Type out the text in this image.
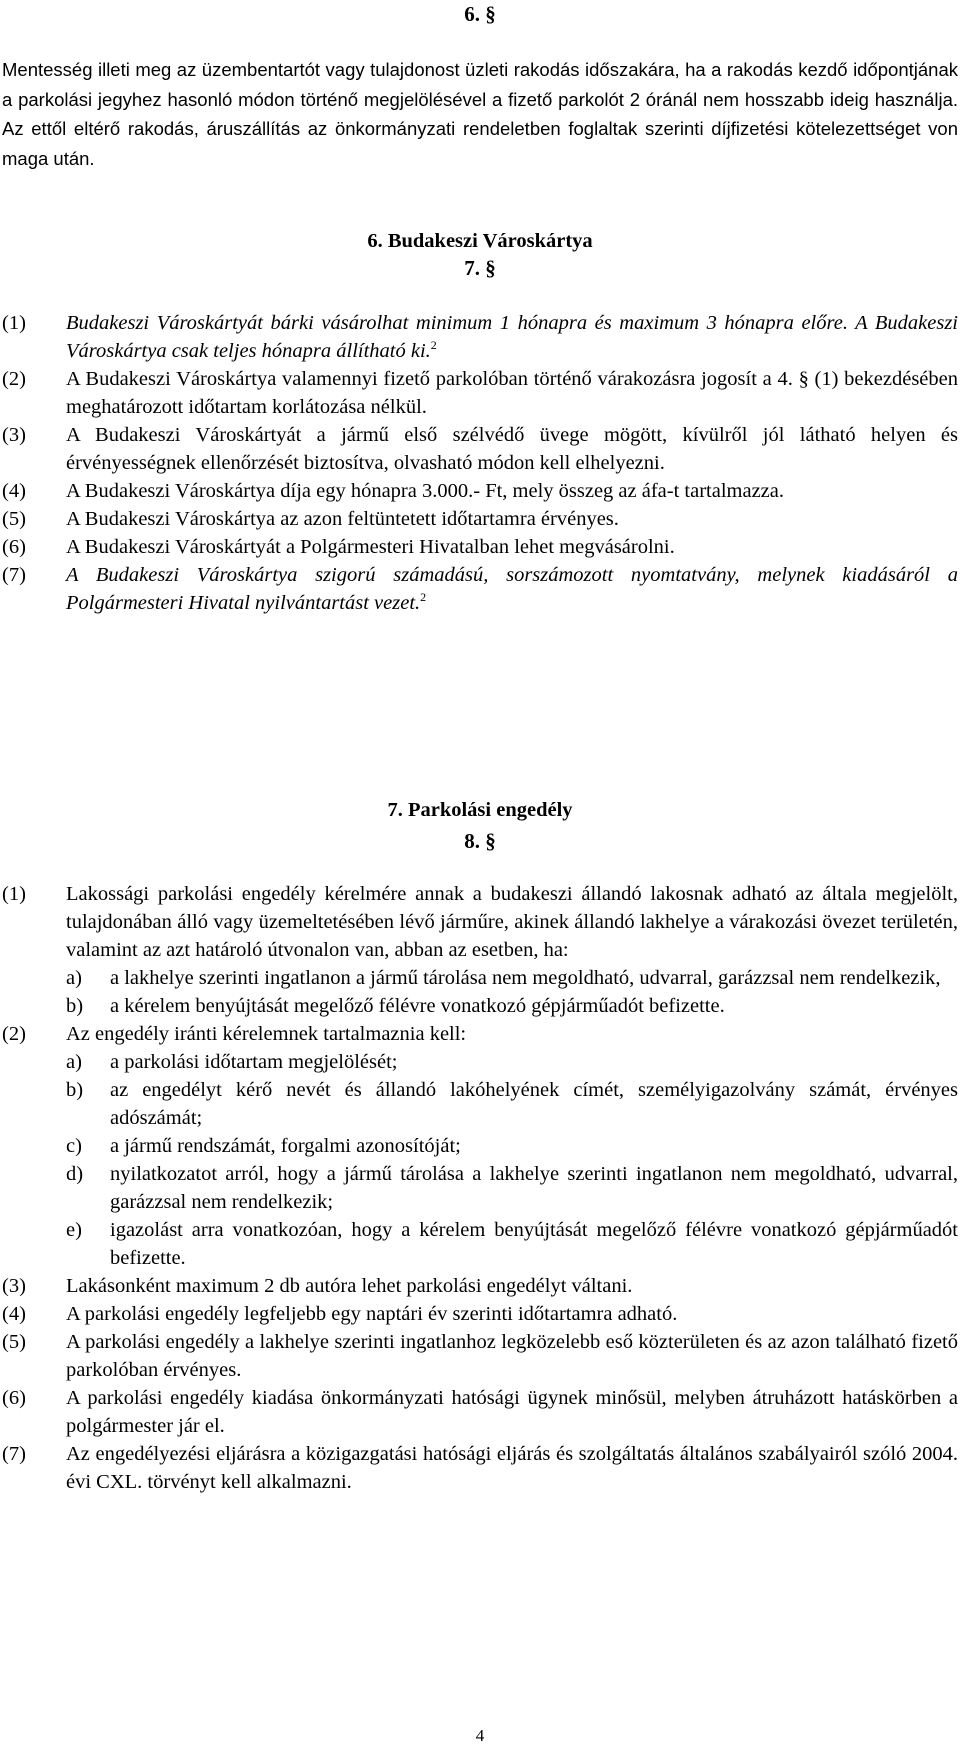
6. §
Mentesség illeti meg az üzembentartót vagy tulajdonost üzleti rakodás időszakára, ha a rakodás kezdő időpontjának a parkolási jegyhez hasonló módon történő megjelölésével a fizető parkolót 2 óránál nem hosszabb ideig használja. Az ettől eltérő rakodás, áruszállítás az önkormányzati rendeletben foglaltak szerinti díjfizetési kötelezettséget von maga után.
6. Budakeszi Városkártya
7. §
(1) Budakeszi Városkártyát bárki vásárolhat minimum 1 hónapra és maximum 3 hónapra előre. A Budakeszi Városkártya csak teljes hónapra állítható ki.$^2$
(2) A Budakeszi Városkártya valamennyi fizető parkolóban történő várakozásra jogosít a 4. § (1) bekezdésében meghatározott időtartam korlátozása nélkül.
(3) A Budakeszi Városkártyát a jármű első szélvédő üvege mögött, kívülről jól látható helyen és érvényességnek ellenőrzését biztosítva, olvasható módon kell elhelyezni.
(4) A Budakeszi Városkártya díja egy hónapra 3.000.- Ft, mely összeg az áfa-t tartalmazza.
(5) A Budakeszi Városkártya az azon feltüntetett időtartamra érvényes.
(6) A Budakeszi Városkártyát a Polgármesteri Hivatalban lehet megvásárolni.
(7) A Budakeszi Városkártya szigorú számadású, sorszámozott nyomtatvány, melynek kiadásáról a Polgármesteri Hivatal nyilvántartást vezet.$^2$
7. Parkolási engedély
8. §
(1) Lakossági parkolási engedély kérelmére annak a budakeszi állandó lakosnak adható az általa megjelölt, tulajdonában álló vagy üzemeltetésében lévő járműre, akinek állandó lakhelye a várakozási övezet területén, valamint az azt határoló útvonalon van, abban az esetben, ha:
a) a lakhelye szerinti ingatlanon a jármű tárolása nem megoldható, udvarral, garázzsal nem rendelkezik,
b) a kérelem benyújtását megelőző félévre vonatkozó gépjárműadót befizette.
(2) Az engedély iránti kérelemnek tartalmaznia kell:
a) a parkolási időtartam megjelölését;
b) az engedélyt kérő nevét és állandó lakóhelyének címét, személyigazolvány számát, érvényes adószámát;
c) a jármű rendszámát, forgalmi azonosítóját;
d) nyilatkozatot arról, hogy a jármű tárolása a lakhelye szerinti ingatlanon nem megoldható, udvarral, garázzsal nem rendelkezik;
e) igazolást arra vonatkozóan, hogy a kérelem benyújtását megelőző félévre vonatkozó gépjárműadót befizette.
(3) Lakásonként maximum 2 db autóra lehet parkolási engedélyt váltani.
(4) A parkolási engedély legfeljebb egy naptári év szerinti időtartamra adható.
(5) A parkolási engedély a lakhelye szerinti ingatlanhoz legközelebb eső közterületen és az azon található fizető parkolóban érvényes.
(6) A parkolási engedély kiadása önkormányzati hatósági ügynek minősül, melyben átruházott hatáskörben a polgármester jár el.
(7) Az engedélyezési eljárásra a közigazgatási hatósági eljárás és szolgáltatás általános szabályairól szóló 2004. évi CXL. törvényt kell alkalmazni.
4
